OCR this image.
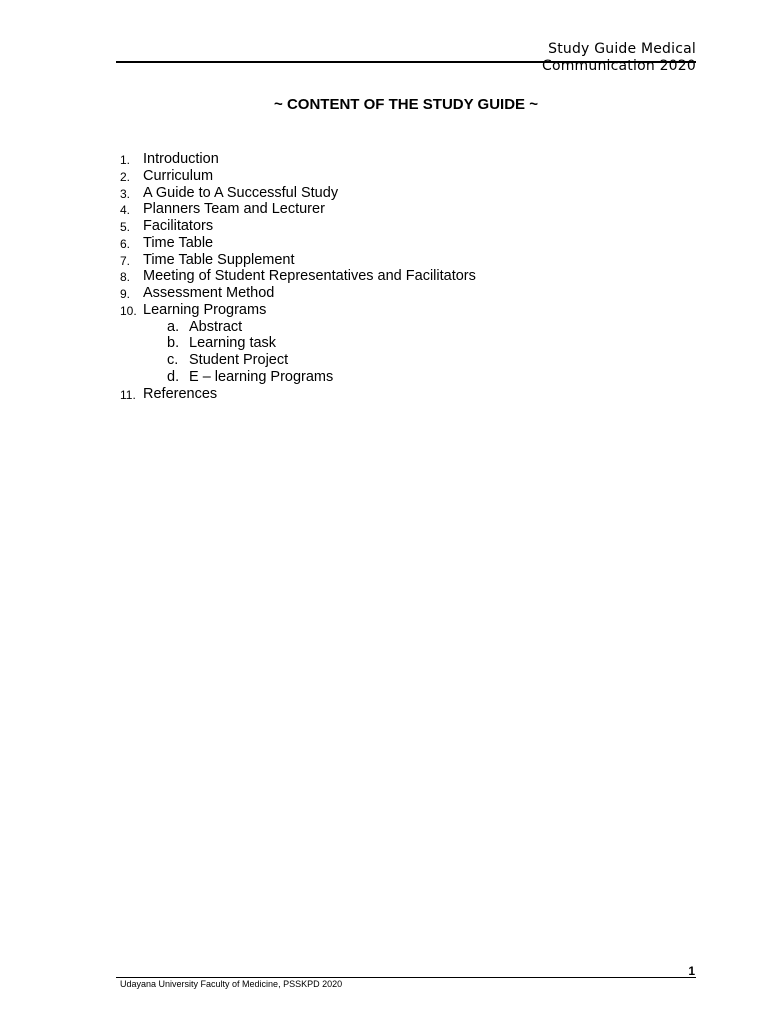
Study Guide Medical
Communication 2020
~ CONTENT OF THE STUDY GUIDE ~
1. Introduction
2. Curriculum
3. A Guide to A Successful Study
4. Planners Team and Lecturer
5. Facilitators
6. Time Table
7. Time Table Supplement
8. Meeting of Student Representatives and Facilitators
9. Assessment Method
10. Learning Programs
a. Abstract
b. Learning task
c. Student Project
d. E – learning Programs
11. References
1
Udayana University Faculty of Medicine, PSSKPD 2020
